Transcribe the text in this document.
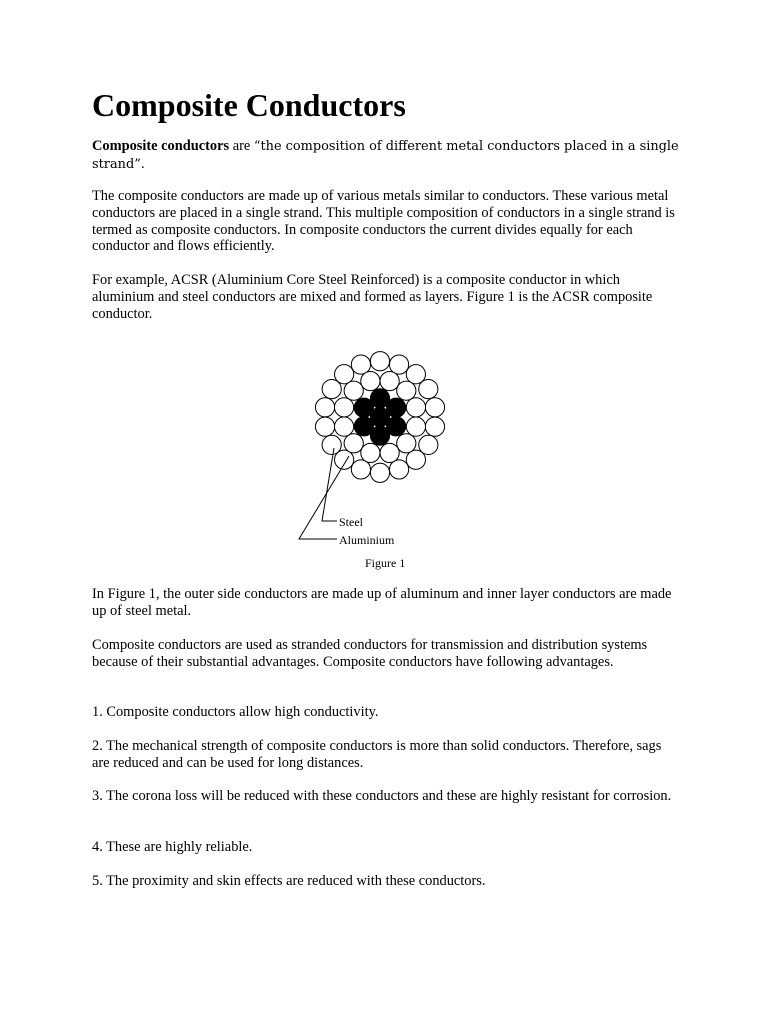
Composite Conductors

Composite conductors are “the composition of different metal conductors placed in a single strand”.

The composite conductors are made up of various metals similar to conductors. These various metal conductors are placed in a single strand. This multiple composition of conductors in a single strand is termed as composite conductors. In composite conductors the current divides equally for each conductor and flows efficiently.

For example, ACSR (Aluminium Core Steel Reinforced) is a composite conductor in which aluminium and steel conductors are mixed and formed as layers. Figure 1 is the ACSR composite conductor.

Steel
Aluminium
Figure 1

In Figure 1, the outer side conductors are made up of aluminum and inner layer conductors are made up of steel metal.

Composite conductors are used as stranded conductors for transmission and distribution systems because of their substantial advantages. Composite conductors have following advantages.

1. Composite conductors allow high conductivity.

2. The mechanical strength of composite conductors is more than solid conductors. Therefore, sags are reduced and can be used for long distances.

3. The corona loss will be reduced with these conductors and these are highly resistant for corrosion.

4. These are highly reliable.

5. The proximity and skin effects are reduced with these conductors.
